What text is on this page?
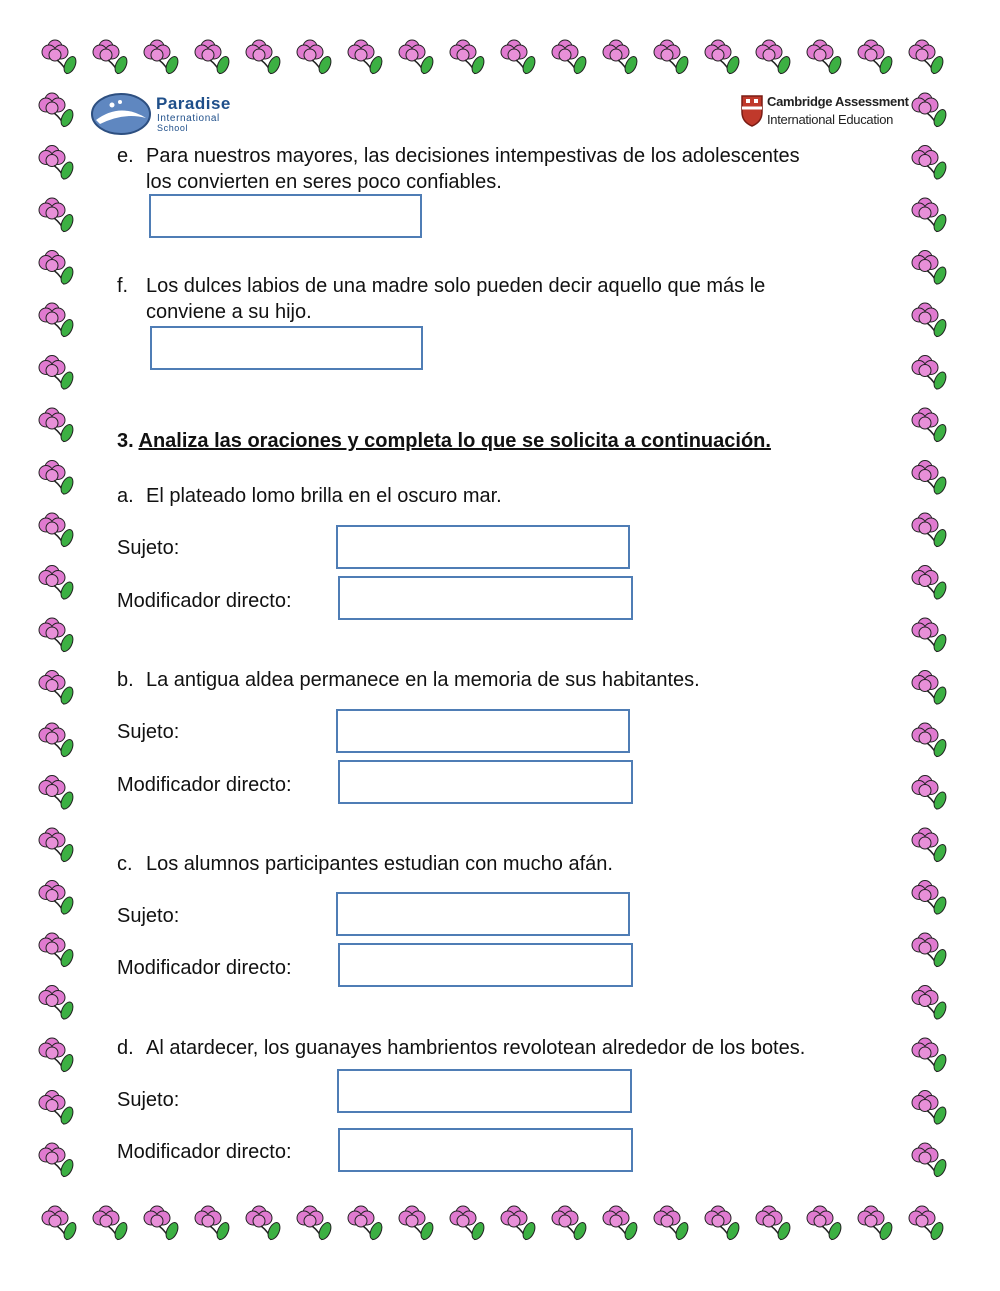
Paradise
International
School
Cambridge Assessment
International Education
e. Para nuestros mayores, las decisiones intempestivas de los adolescentes
los convierten en seres poco confiables.
f. Los dulces labios de una madre solo pueden decir aquello que más le
conviene a su hijo.
3. Analiza las oraciones y completa lo que se solicita a continuación.
a. El plateado lomo brilla en el oscuro mar.
Sujeto:
Modificador directo:
b. La antigua aldea permanece en la memoria de sus habitantes.
Sujeto:
Modificador directo:
c. Los alumnos participantes estudian con mucho afán.
Sujeto:
Modificador directo:
d. Al atardecer, los guanayes hambrientos revolotean alrededor de los botes.
Sujeto:
Modificador directo:
